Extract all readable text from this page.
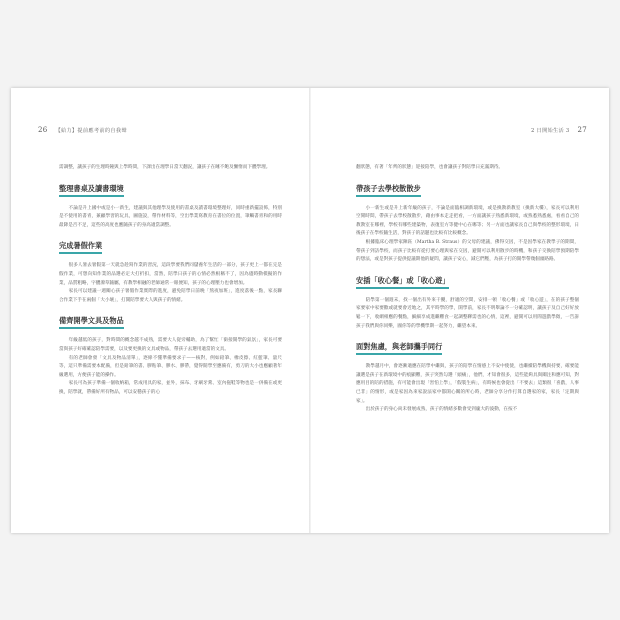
26 【給力】提前應考前的自我聲

需調整，讓孩子的生理時鐘與上學時間，下課出在理學日當天翻況，讓孩子在睡不飽及懶惰而下體學理。

整理書桌及讀書環境

不論是升上國中或是小一新生，建議與其他理學及使用的書桌及讀書環境整理好，同時重新擺設佈，特別是不使用的書青，兼顧學習的玩具，圖施設，帶作材料等，空出學業寫教育在書位的位置，筆觸書青和的用時最降是否不足，這些的高度也應隨孩子的身高適當調整。

完成暑假作業

很多人暑去暑假第一天就急趁寫作業的習況，這段學要我們同儲養年生活的一部分，孩子更上一都在完是假作業，可想向知作業的品選必定大打折扣，當然，陪學日孩子的心情必然根稱不了，因為儘時動模擬的作業，品質粗略，字體潦草隨屬，有教學相融的老師通常一眼便知，孩子的心理壓力也會增加。

家長可以建議一週關心孩子暑假作業實際的進度，避免陪學日前晚「熬夜加班」，進度落後一點，家長聯合作業下手在兩個「大小壞」，打開陪學要大人與孩子的情緒。

備齊開學文具及物品

年級越低的孩子，對時間的概念越不成熟，需要大人從旁輔助，為了幫忙「銜接開學的氣氛」，家長可要當與孩子好確確認陪學需要，以及要更換的文具或物品，帶孩子去選用適當的文具。

有的老師會發「文具及物品清單」，逐條不懂準備要求子——核對，例如鉛筆、橡皮擦、紅藍筆、量尺等，這只準備需要本配備，但是鉛筆的書、膠粘筆、膠水、膠帶，覺得開學至應備有，剪刀的大小也應顧著年級選用，方便孩子能的操作。

家長可為孩子準備一個收納箱，常成用具的家，並外，抹布、牙刷牙膏、室內拖鞋等物也是一併備在或更換，陪學就，帶備好所有物品，可以安穩孩子的心

2 日開始生活 3 27

翻狀態，有著「年齊的狀態」迎接陪學，也會讓孩子對陪學日充滿期待。

帶孩子去學校散散步

小一新生或是升上新年級的孩子，不論是面臨相調新環境，或是換教新教室（換新大樓），家長可以利用空閒時間，帶孩子去學校散散步，藉由事本走走把看，一方面讓孩子熟悉新環境，或熟悉熟悉處，看看自己的教教室在哪裡，學校有哪些建築物，表復室方等健中心在哪等；另一方面也讓家長自己與學校的整形環境，日後孩子在學校隨生活，對孩子的話題也比較有比較概念。

根據臨床心理學家陳鈺（Martha B. Straus）的父母的建議，佛得交因，不是因學家在教學子的期間，帶孩子到訪學校，而孩子比較有從打要心理與家在交因，避開可以利用散步的時機，和孩子交換陪學預期陪學的想法，或是對孩子提供提議期他的疑問，讓孩子安心，減它們壓，為孩子打的開學帶幾個頭路路。

安插「收心餐」或「收心遊」

陪學第一個週末，找一個出有外來干擾，舒適的空間，安排一頓「收心餐」或「收心遊」，在的孩子整個家要家中家要歡或就要會近地之，其平時學的學，開學前，家長不明舉論不一分確認明，讓孩子及自己好好放鬆一下，收網相應的餐點，細細享成進繼難食一起調整聊需也的心情，這裡，避開可以用閒遊戲學徵，一告訴孩子我們與你同樂，國你等的學機學期一起努力，繼望本來。

面對焦慮，與老師攜手同行

教學越月中，會逐漸適應在陪學中繼與，孩子的陪學在情感上不安中使使，也繼續陪學機與持要，確要能讓選是孩子在新環境中的痕顯難，孩子突然勾選「頭痛」，他們，才知會很多，這些能夠具與關注和應可知，對應用目的陪的措施，有可能會出現「害怕上學」，「假裝生病」，有時候也會從出「不要去」這類很「喜戲，人事已非」的情形，或是家因為來家說法家中都開心關的所心時，老師分享分作打算自選家的家，家長「定期與家」。

出於孩子的身心尚未發展成熟，孩子的情緒多數會受到龐大的波動，在按不
